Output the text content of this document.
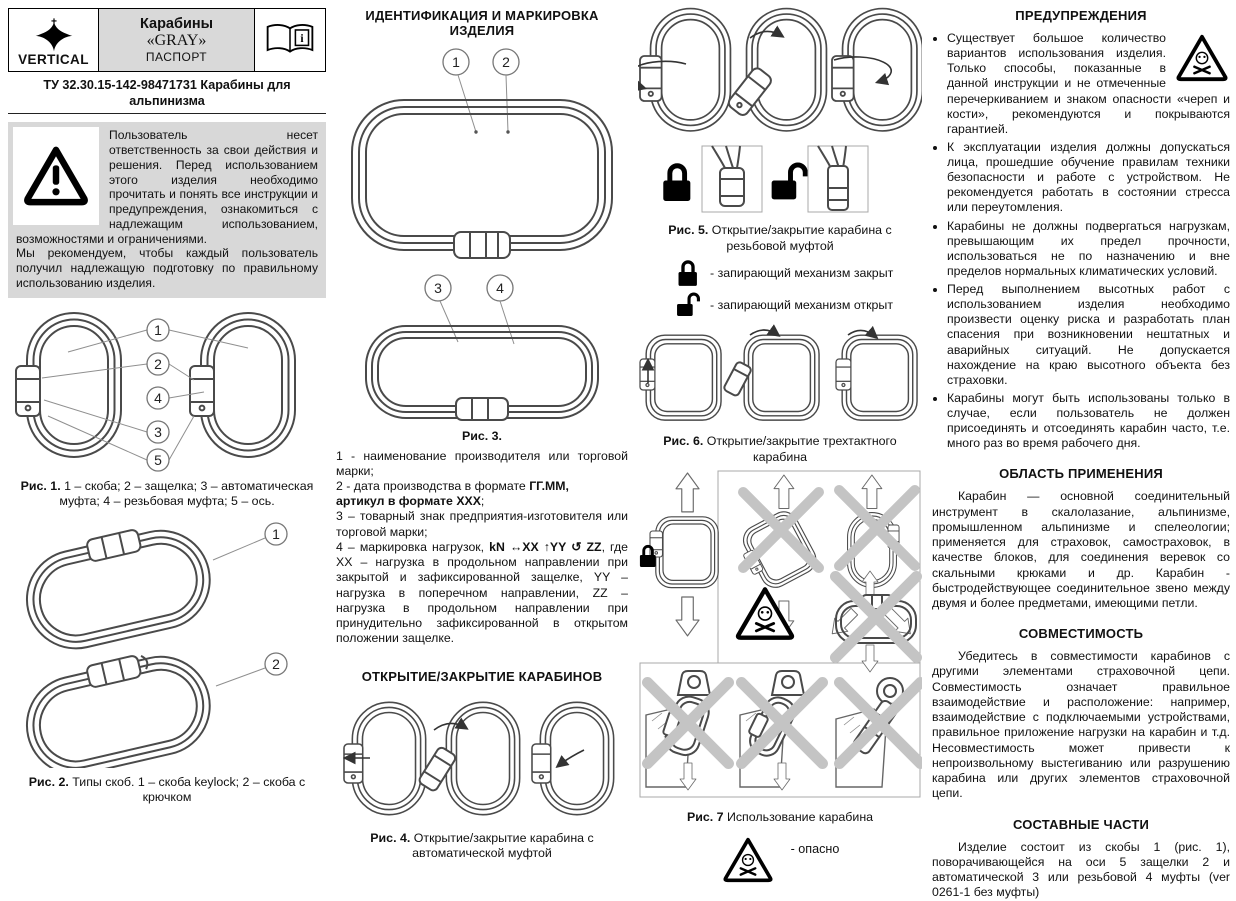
VERTICAL
Карабины
«GRAY»
ПАСПОРТ
i
ТУ 32.30.15-142-98471731 Карабины для альпинизма
Пользователь несет ответственность за свои действия и решения. Перед использованием этого изделия необходимо прочитать и понять все инструкции и предупреждения, ознакомиться с надлежащим использованием, возможностями и ограничениями.
Мы рекомендуем, чтобы каждый пользователь получил надлежащую подготовку по правильному использованию изделия.
1
2
4
3
5
Рис. 1. 1 – скоба; 2 – защелка; 3 – автоматическая муфта; 4 – резьбовая муфта; 5 – ось.
1
2
Рис. 2. Типы скоб. 1 – скоба keylock; 2 – скоба с крючком
ИДЕНТИФИКАЦИЯ И МАРКИРОВКА ИЗДЕЛИЯ
1	2
3	4
Рис. 3.

1 - наименование производителя или торговой марки;

2 - дата производства в формате ГГ.ММ,
артикул в формате XXX;

3 – товарный знак предприятия-изготовителя или торговой марки;

4 – маркировка нагрузок, kN ↔XX ↑YY ↺ ZZ, где XX – нагрузка в продольном направлении при закрытой и зафиксированной защелке, YY – нагрузка в поперечном направлении, ZZ – нагрузка в продольном направлении при принудительно зафиксированной в открытом положении защелке.

ОТКРЫТИЕ/ЗАКРЫТИЕ КАРАБИНОВ
Рис. 4. Открытие/закрытие карабина с автоматической муфтой
Рис. 5. Открытие/закрытие карабина с резьбовой муфтой
- запирающий механизм закрыт
- запирающий механизм открыт
Рис. 6. Открытие/закрытие трехтактного карабина
Рис. 7 Использование карабина
- опасно
ПРЕДУПРЕЖДЕНИЯ
• Существует большое количество вариантов использования изделия. Только способы, показанные в данной инструкции и не отмеченные перечеркиванием и знаком опасности «череп и кости», рекомендуются и покрываются гарантией.
• К эксплуатации изделия должны допускаться лица, прошедшие обучение правилам техники безопасности и работе с устройством. Не рекомендуется работать в состоянии стресса или переутомления.
• Карабины не должны подвергаться нагрузкам, превышающим их предел прочности, использоваться не по назначению и вне пределов нормальных климатических условий.
• Перед выполнением высотных работ с использованием изделия необходимо произвести оценку риска и разработать план спасения при возникновении нештатных и аварийных ситуаций. Не допускается нахождение на краю высотного объекта без страховки.
• Карабины могут быть использованы только в случае, если пользователь не должен присоединять и отсоединять карабин часто, т.е. много раз во время рабочего дня.
ОБЛАСТЬ ПРИМЕНЕНИЯ

Карабин — основной соединительный инструмент в скалолазание, альпинизме, промышленном альпинизме и спелеологии; применяется для страховок, самостраховок, в качестве блоков, для соединения веревок со скальными крюками и др. Карабин - быстродействующее соединительное звено между двумя и более предметами, имеющими петли.

СОВМЕСТИМОСТЬ

Убедитесь в совместимости карабинов с другими элементами страховочной цепи. Совместимость означает правильное взаимодействие и расположение: например, взаимодействие с подключаемыми устройствами, правильное приложение нагрузки на карабин и т.д. Несовместимость может привести к непроизвольному выстегиванию или разрушению карабина или других элементов страховочной цепи.

СОСТАВНЫЕ ЧАСТИ

Изделие состоит из скобы 1 (рис. 1), поворачивающейся на оси 5 защелки 2 и автоматической 3 или резьбовой 4 муфты (ver 0261-1 без муфты)
